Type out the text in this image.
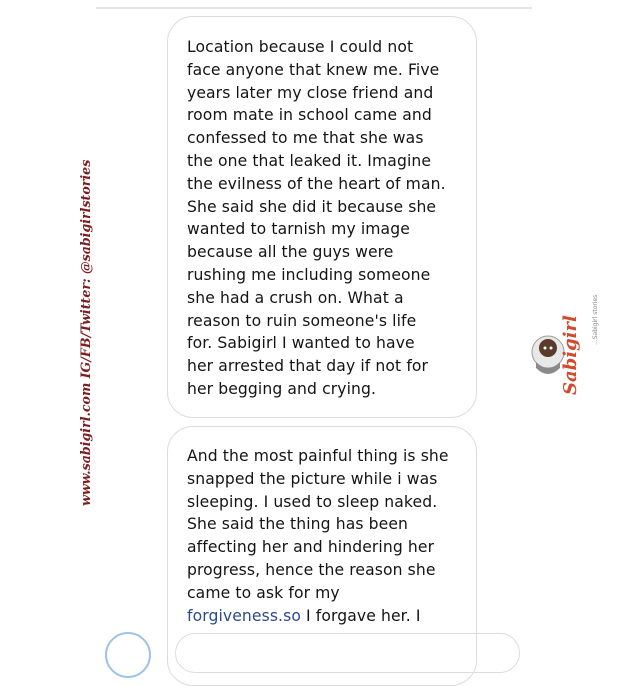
Location because I could not
face anyone that knew me. Five
years later my close friend and
room mate in school came and
confessed to me that she was
the one that leaked it. Imagine
the evilness of the heart of man.
She said she did it because she
wanted to tarnish my image
because all the guys were
rushing me including someone
she had a crush on. What a
reason to ruin someone's life
for. Sabigirl I wanted to have
her arrested that day if not for
her begging and crying.
And the most painful thing is she
snapped the picture while i was
sleeping. I used to sleep naked.
She said the thing has been
affecting her and hindering her
progress, hence the reason she
came to ask for my
forgiveness.so I forgave her. I
www.sabigirl.com IG/FB/Twitter: @sabigirlstories	Sabigirl ...Sabigirl stories
